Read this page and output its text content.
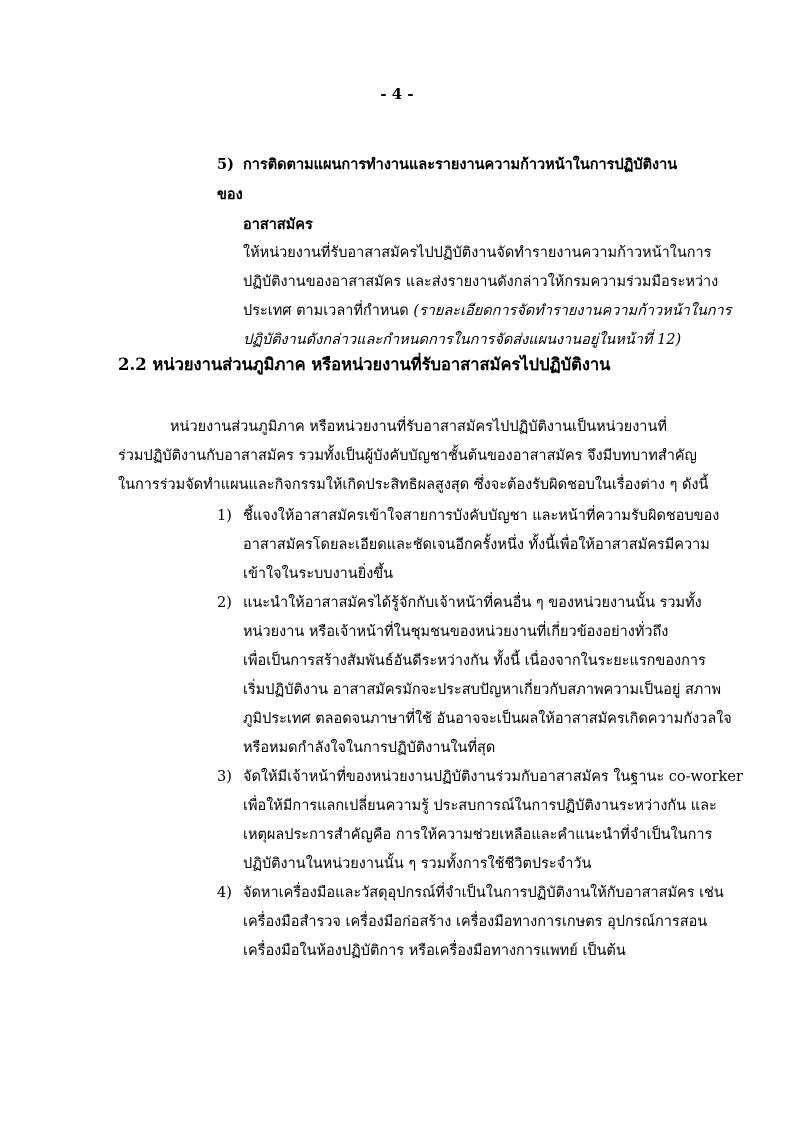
- 4 -
5) การติดตามแผนการทำงานและรายงานความก้าวหน้าในการปฏิบัติงานของ
อาสาสมัคร
ให้หน่วยงานที่รับอาสาสมัครไปปฏิบัติงานจัดทำรายงานความก้าวหน้าในการ
ปฏิบัติงานของอาสาสมัคร และส่งรายงานดังกล่าวให้กรมความร่วมมือระหว่าง
ประเทศ ตามเวลาที่กำหนด (รายละเอียดการจัดทำรายงานความก้าวหน้าในการ
ปฏิบัติงานดังกล่าวและกำหนดการในการจัดส่งแผนงานอยู่ในหน้าที่ 12)
2.2 หน่วยงานส่วนภูมิภาค หรือหน่วยงานที่รับอาสาสมัครไปปฏิบัติงาน
หน่วยงานส่วนภูมิภาค หรือหน่วยงานที่รับอาสาสมัครไปปฏิบัติงานเป็นหน่วยงานที่
ร่วมปฏิบัติงานกับอาสาสมัคร รวมทั้งเป็นผู้บังคับบัญชาชั้นต้นของอาสาสมัคร จึงมีบทบาทสำคัญ
ในการร่วมจัดทำแผนและกิจกรรมให้เกิดประสิทธิผลสูงสุด ซึ่งจะต้องรับผิดชอบในเรื่องต่าง ๆ ดังนี้
1) ชี้แจงให้อาสาสมัครเข้าใจสายการบังคับบัญชา และหน้าที่ความรับผิดชอบของ
อาสาสมัครโดยละเอียดและชัดเจนอีกครั้งหนึ่ง ทั้งนี้เพื่อให้อาสาสมัครมีความ
เข้าใจในระบบงานยิ่งขึ้น
2) แนะนำให้อาสาสมัครได้รู้จักกับเจ้าหน้าที่คนอื่น ๆ ของหน่วยงานนั้น รวมทั้ง
หน่วยงาน หรือเจ้าหน้าที่ในชุมชนของหน่วยงานที่เกี่ยวข้องอย่างทั่วถึง
เพื่อเป็นการสร้างสัมพันธ์อันดีระหว่างกัน ทั้งนี้ เนื่องจากในระยะแรกของการ
เริ่มปฏิบัติงาน อาสาสมัครมักจะประสบปัญหาเกี่ยวกับสภาพความเป็นอยู่ สภาพ
ภูมิประเทศ ตลอดจนภาษาที่ใช้ อันอาจจะเป็นผลให้อาสาสมัครเกิดความกังวลใจ
หรือหมดกำลังใจในการปฏิบัติงานในที่สุด
3) จัดให้มีเจ้าหน้าที่ของหน่วยงานปฏิบัติงานร่วมกับอาสาสมัคร ในฐานะ co-worker
เพื่อให้มีการแลกเปลี่ยนความรู้ ประสบการณ์ในการปฏิบัติงานระหว่างกัน และ
เหตุผลประการสำคัญคือ การให้ความช่วยเหลือและคำแนะนำที่จำเป็นในการ
ปฏิบัติงานในหน่วยงานนั้น ๆ รวมทั้งการใช้ชีวิตประจำวัน
4) จัดหาเครื่องมือและวัสดุอุปกรณ์ที่จำเป็นในการปฏิบัติงานให้กับอาสาสมัคร เช่น
เครื่องมือสำรวจ เครื่องมือก่อสร้าง เครื่องมือทางการเกษตร อุปกรณ์การสอน
เครื่องมือในห้องปฏิบัติการ หรือเครื่องมือทางการแพทย์ เป็นต้น
